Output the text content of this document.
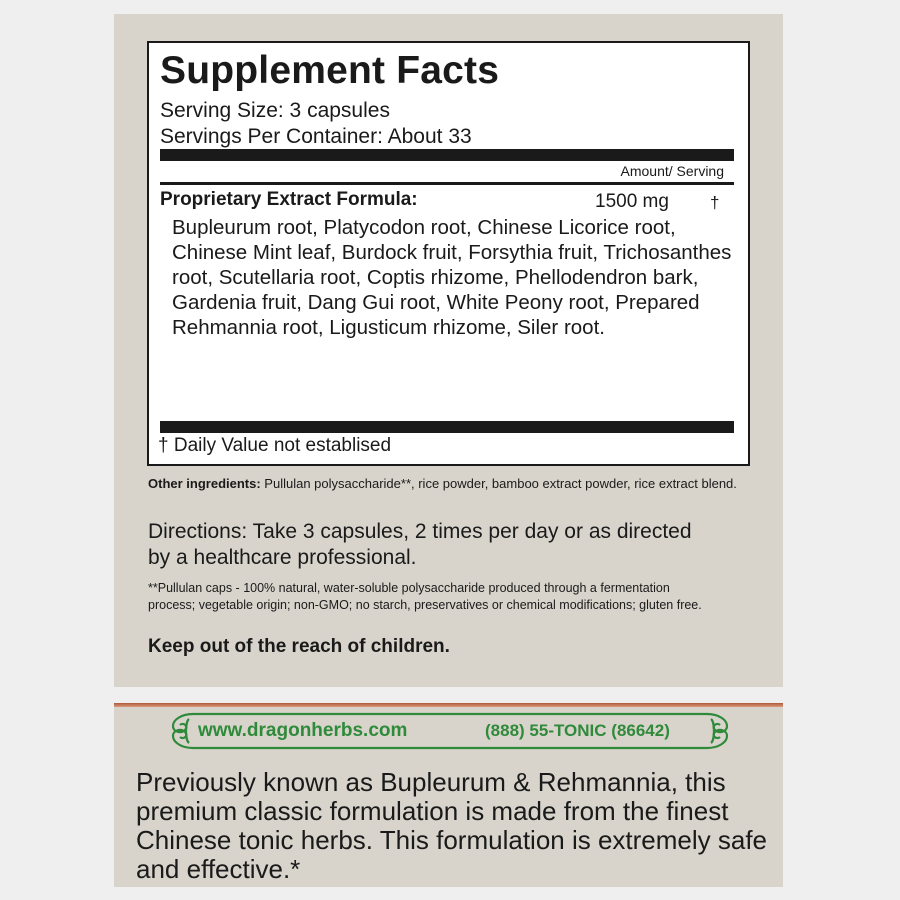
Supplement Facts
Serving Size: 3 capsules
Servings Per Container: About 33
Amount/ Serving
Proprietary Extract Formula:	1500 mg †
Bupleurum root, Platycodon root, Chinese Licorice root, Chinese Mint leaf, Burdock fruit, Forsythia fruit, Trichosanthes root, Scutellaria root, Coptis rhizome, Phellodendron bark, Gardenia fruit, Dang Gui root, White Peony root, Prepared Rehmannia root, Ligusticum rhizome, Siler root.
† Daily Value not establised
Other ingredients: Pullulan polysaccharide**, rice powder, bamboo extract powder, rice extract blend.
Directions: Take 3 capsules, 2 times per day or as directed by a healthcare professional.
**Pullulan caps - 100% natural, water-soluble polysaccharide produced through a fermentation process; vegetable origin; non-GMO; no starch, preservatives or chemical modifications; gluten free.
Keep out of the reach of children.
www.dragonherbs.com	(888) 55-TONIC (86642)
Previously known as Bupleurum & Rehmannia, this premium classic formulation is made from the finest Chinese tonic herbs. This formulation is extremely safe and effective.*
